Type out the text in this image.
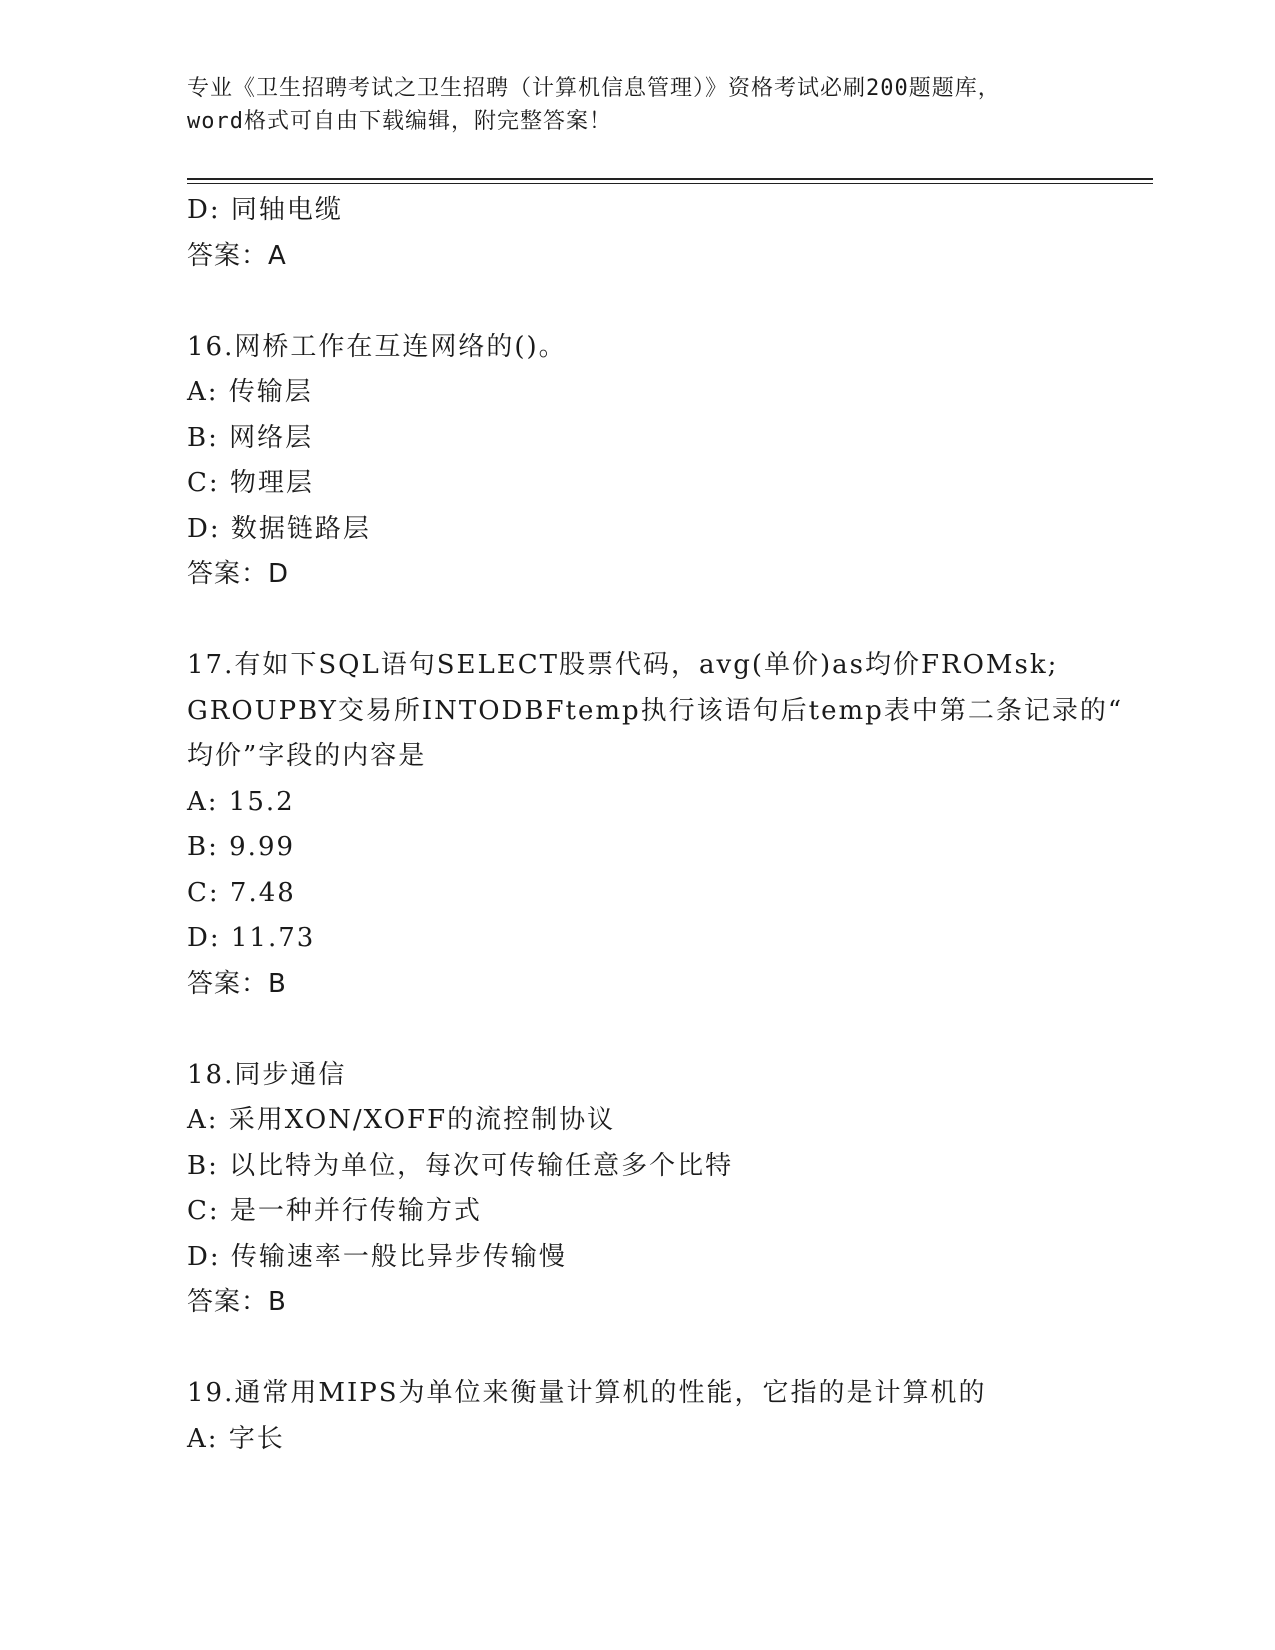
专业《卫生招聘考试之卫生招聘（计算机信息管理）》资格考试必刷200题题库，
word格式可自由下载编辑，附完整答案！
D: 同轴电缆
答案：A
16.网桥工作在互连网络的()。
A: 传输层
B: 网络层
C: 物理层
D: 数据链路层
答案：D
17.有如下SQL语句SELECT股票代码，avg(单价)as均价FROMsk;
GROUPBY交易所INTODBFtemp执行该语句后temp表中第二条记录的“
均价”字段的内容是
A: 15.2
B: 9.99
C: 7.48
D: 11.73
答案：B
18.同步通信
A: 采用XON/XOFF的流控制协议
B: 以比特为单位，每次可传输任意多个比特
C: 是一种并行传输方式
D: 传输速率一般比异步传输慢
答案：B
19.通常用MIPS为单位来衡量计算机的性能，它指的是计算机的
A: 字长
